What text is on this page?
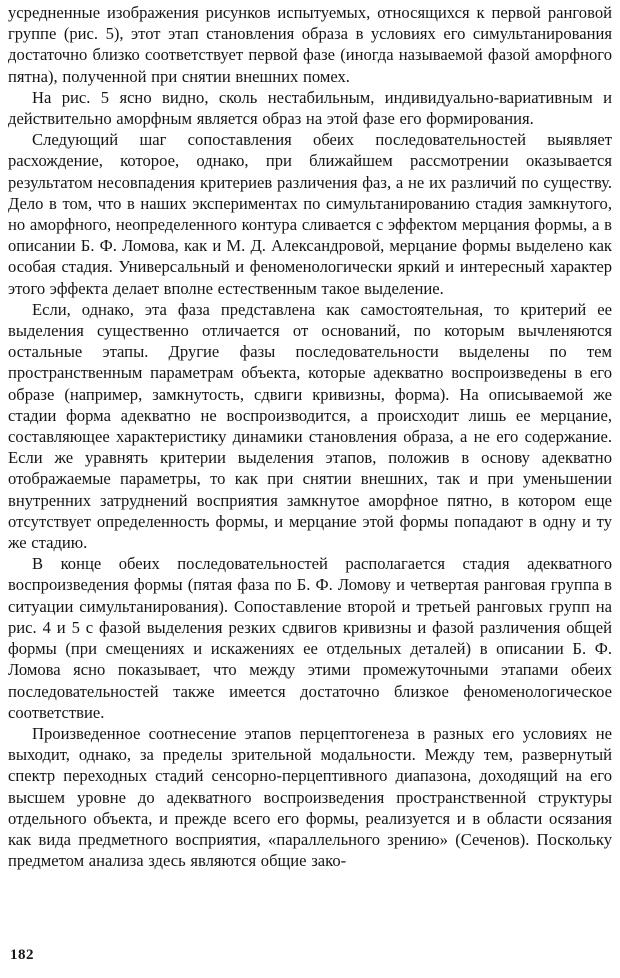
усредненные изображения рисунков испытуемых, относящихся к первой ранговой группе (рис. 5), этот этап становления образа в условиях его симультанирования достаточно близко соответствует первой фазе (иногда называемой фазой аморфного пятна), полученной при снятии внешних помех.

На рис. 5 ясно видно, сколь нестабильным, индивидуально-вариативным и действительно аморфным является образ на этой фазе его формирования.

Следующий шаг сопоставления обеих последовательностей выявляет расхождение, которое, однако, при ближайшем рассмотрении оказывается результатом несовпадения критериев различения фаз, а не их различий по существу. Дело в том, что в наших экспериментах по симультанированию стадия замкнутого, но аморфного, неопределенного контура сливается с эффектом мерцания формы, а в описании Б. Ф. Ломова, как и М. Д. Александровой, мерцание формы выделено как особая стадия. Универсальный и феноменологически яркий и интересный характер этого эффекта делает вполне естественным такое выделение.

Если, однако, эта фаза представлена как самостоятельная, то критерий ее выделения существенно отличается от оснований, по которым вычленяются остальные этапы. Другие фазы последовательности выделены по тем пространственным параметрам объекта, которые адекватно воспроизведены в его образе (например, замкнутость, сдвиги кривизны, форма). На описываемой же стадии форма адекватно не воспроизводится, а происходит лишь ее мерцание, составляющее характеристику динамики становления образа, а не его содержание. Если же уравнять критерии выделения этапов, положив в основу адекватно отображаемые параметры, то как при снятии внешних, так и при уменьшении внутренних затруднений восприятия замкнутое аморфное пятно, в котором еще отсутствует определенность формы, и мерцание этой формы попадают в одну и ту же стадию.

В конце обеих последовательностей располагается стадия адекватного воспроизведения формы (пятая фаза по Б. Ф. Ломову и четвертая ранговая группа в ситуации симультанирования). Сопоставление второй и третьей ранговых групп на рис. 4 и 5 с фазой выделения резких сдвигов кривизны и фазой различения общей формы (при смещениях и искажениях ее отдельных деталей) в описании Б. Ф. Ломова ясно показывает, что между этими промежуточными этапами обеих последовательностей также имеется достаточно близкое феноменологическое соответствие.

Произведенное соотнесение этапов перцептогенеза в разных его условиях не выходит, однако, за пределы зрительной модальности. Между тем, развернутый спектр переходных стадий сенсорно-перцептивного диапазона, доходящий на его высшем уровне до адекватного воспроизведения пространственной структуры отдельного объекта, и прежде всего его формы, реализуется и в области осязания как вида предметного восприятия, «параллельного зрению» (Сеченов). Поскольку предметом анализа здесь являются общие зако-

182
